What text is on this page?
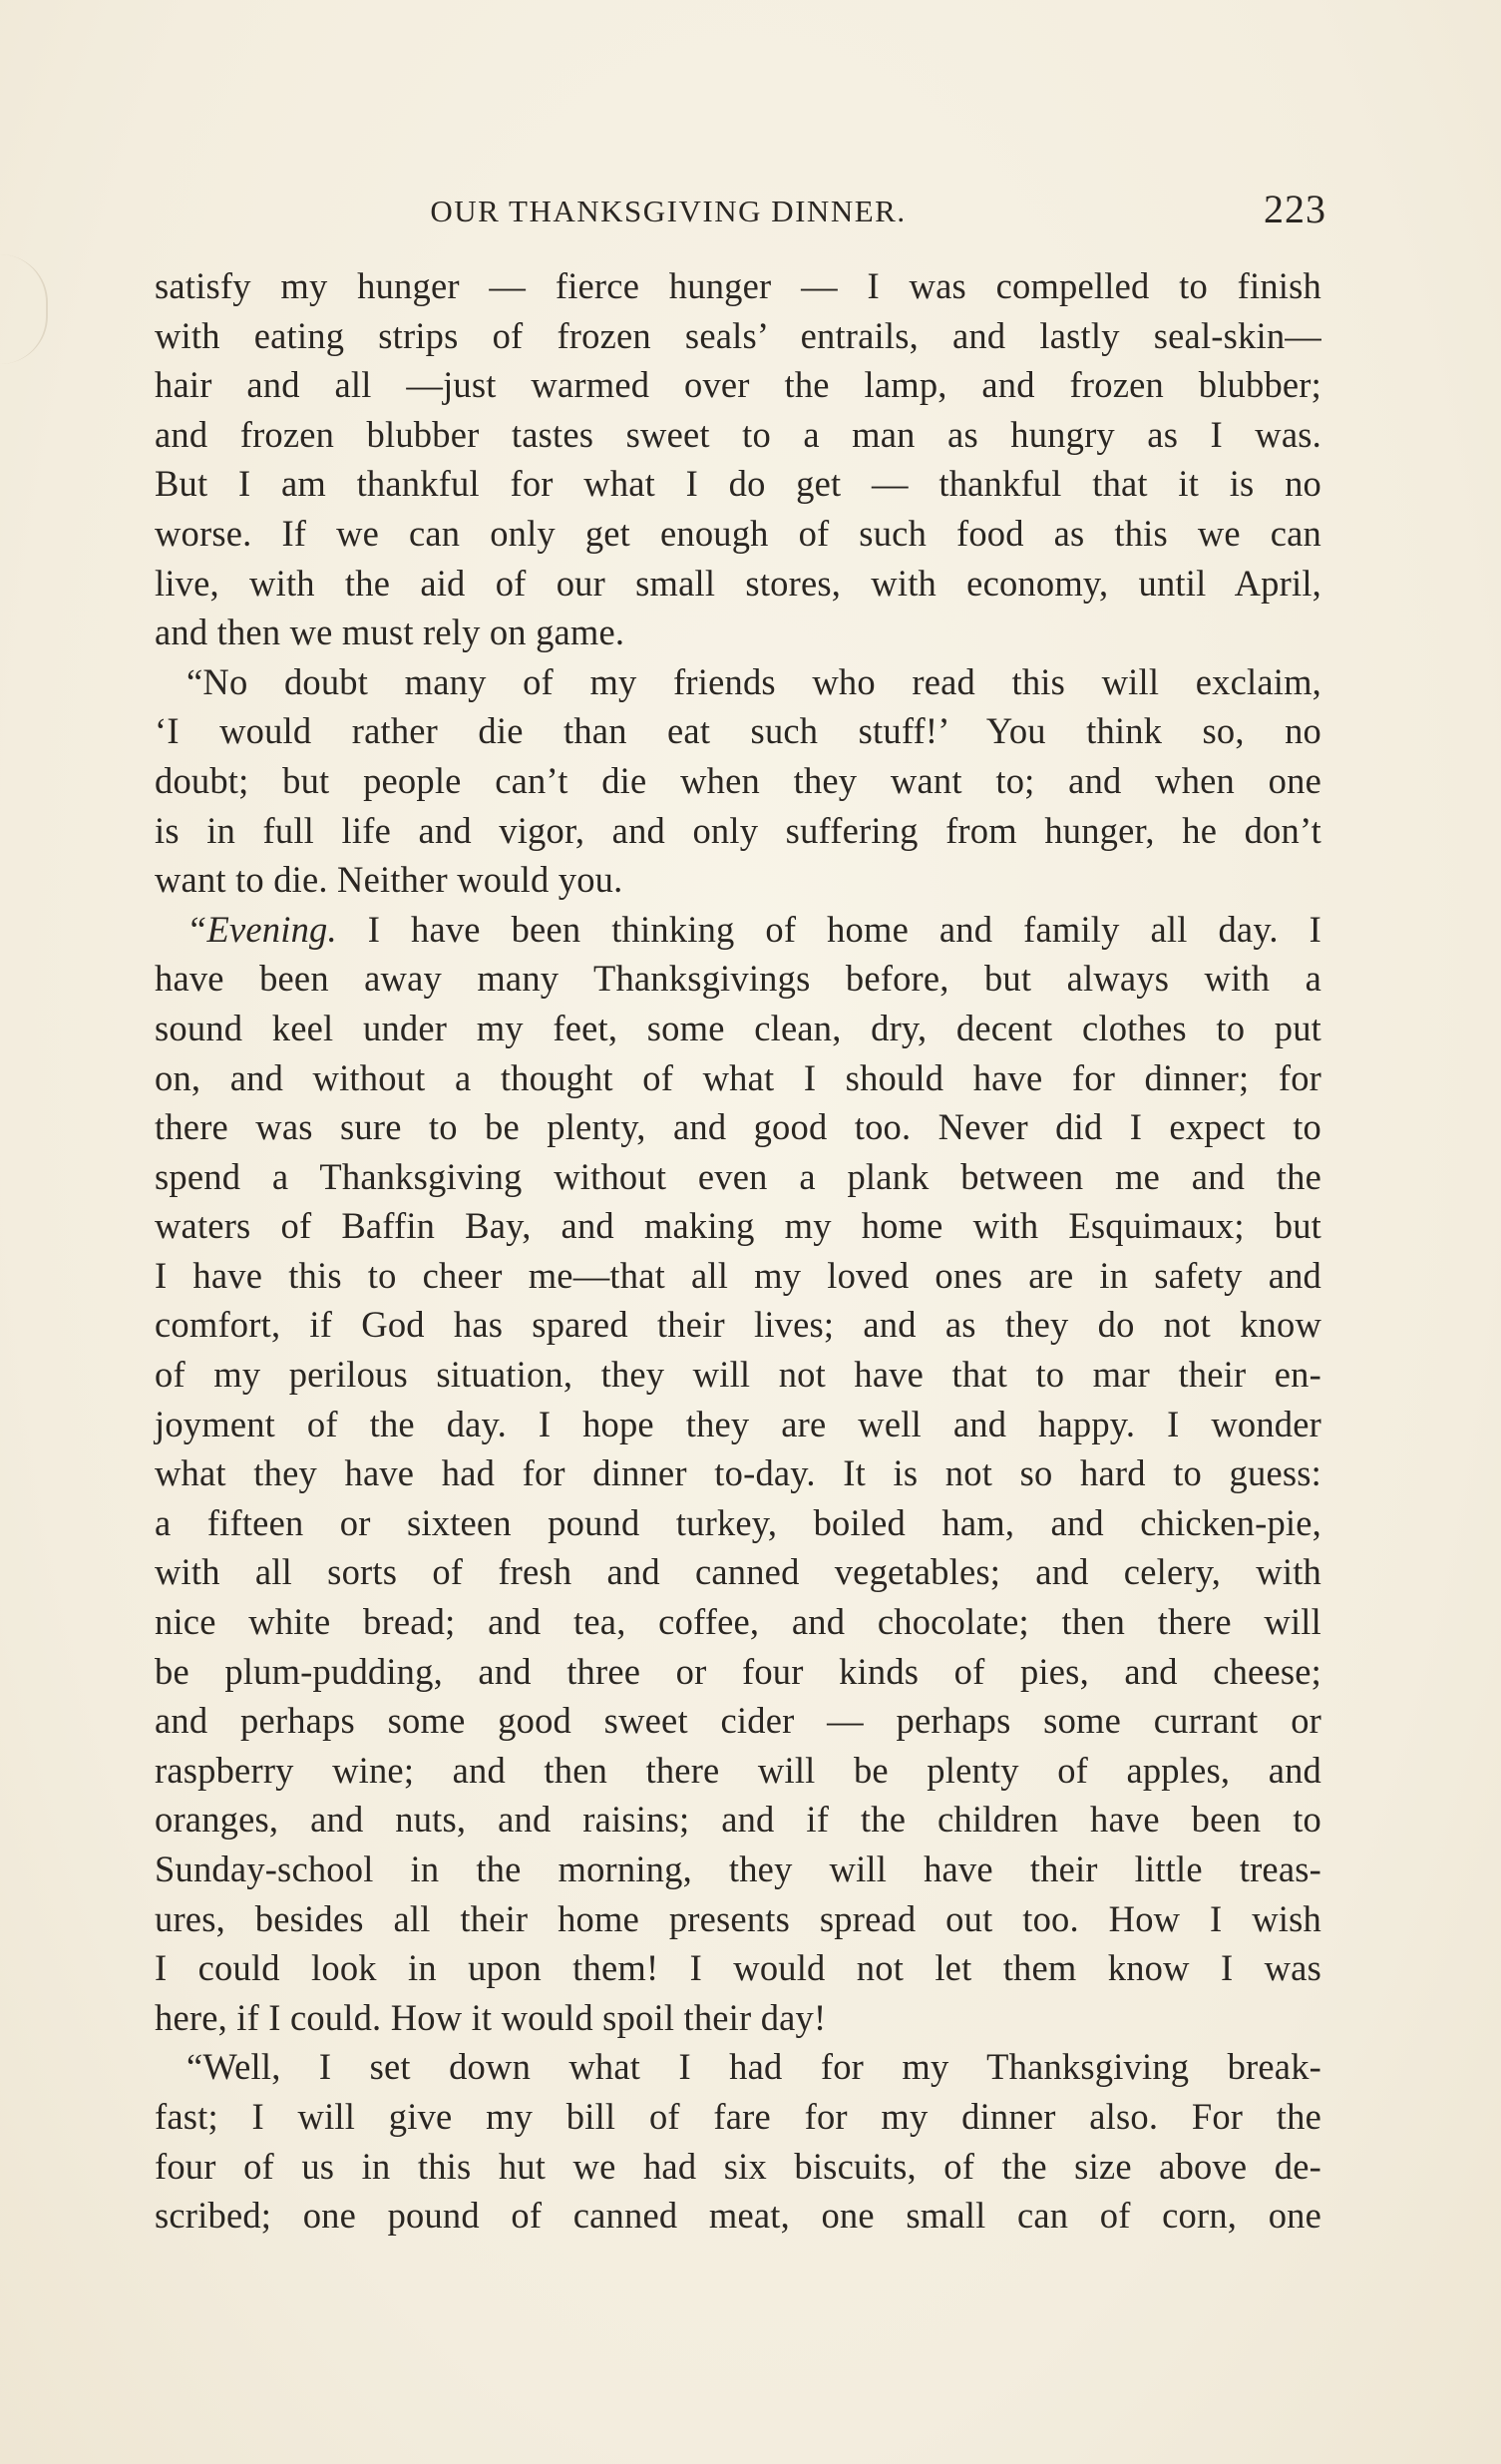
OUR THANKSGIVING DINNER.	223
satisfy my hunger — fierce hunger — I was compelled to finish
with eating strips of frozen seals’ entrails, and lastly seal-skin—
hair and all —just warmed over the lamp, and frozen blubber;
and frozen blubber tastes sweet to a man as hungry as I was.
But I am thankful for what I do get — thankful that it is no
worse. If we can only get enough of such food as this we can
live, with the aid of our small stores, with economy, until April,
and then we must rely on game.
“No doubt many of my friends who read this will exclaim,
‘I would rather die than eat such stuff!’ You think so, no
doubt; but people can’t die when they want to; and when one
is in full life and vigor, and only suffering from hunger, he don’t
want to die. Neither would you.
“Evening. I have been thinking of home and family all day. I
have been away many Thanksgivings before, but always with a
sound keel under my feet, some clean, dry, decent clothes to put
on, and without a thought of what I should have for dinner; for
there was sure to be plenty, and good too. Never did I expect to
spend a Thanksgiving without even a plank between me and the
waters of Baffin Bay, and making my home with Esquimaux; but
I have this to cheer me—that all my loved ones are in safety and
comfort, if God has spared their lives; and as they do not know
of my perilous situation, they will not have that to mar their en-
joyment of the day. I hope they are well and happy. I wonder
what they have had for dinner to-day. It is not so hard to guess:
a fifteen or sixteen pound turkey, boiled ham, and chicken-pie,
with all sorts of fresh and canned vegetables; and celery, with
nice white bread; and tea, coffee, and chocolate; then there will
be plum-pudding, and three or four kinds of pies, and cheese;
and perhaps some good sweet cider — perhaps some currant or
raspberry wine; and then there will be plenty of apples, and
oranges, and nuts, and raisins; and if the children have been to
Sunday-school in the morning, they will have their little treas-
ures, besides all their home presents spread out too. How I wish
I could look in upon them! I would not let them know I was
here, if I could. How it would spoil their day!
“Well, I set down what I had for my Thanksgiving break-
fast; I will give my bill of fare for my dinner also. For the
four of us in this hut we had six biscuits, of the size above de-
scribed; one pound of canned meat, one small can of corn, one
